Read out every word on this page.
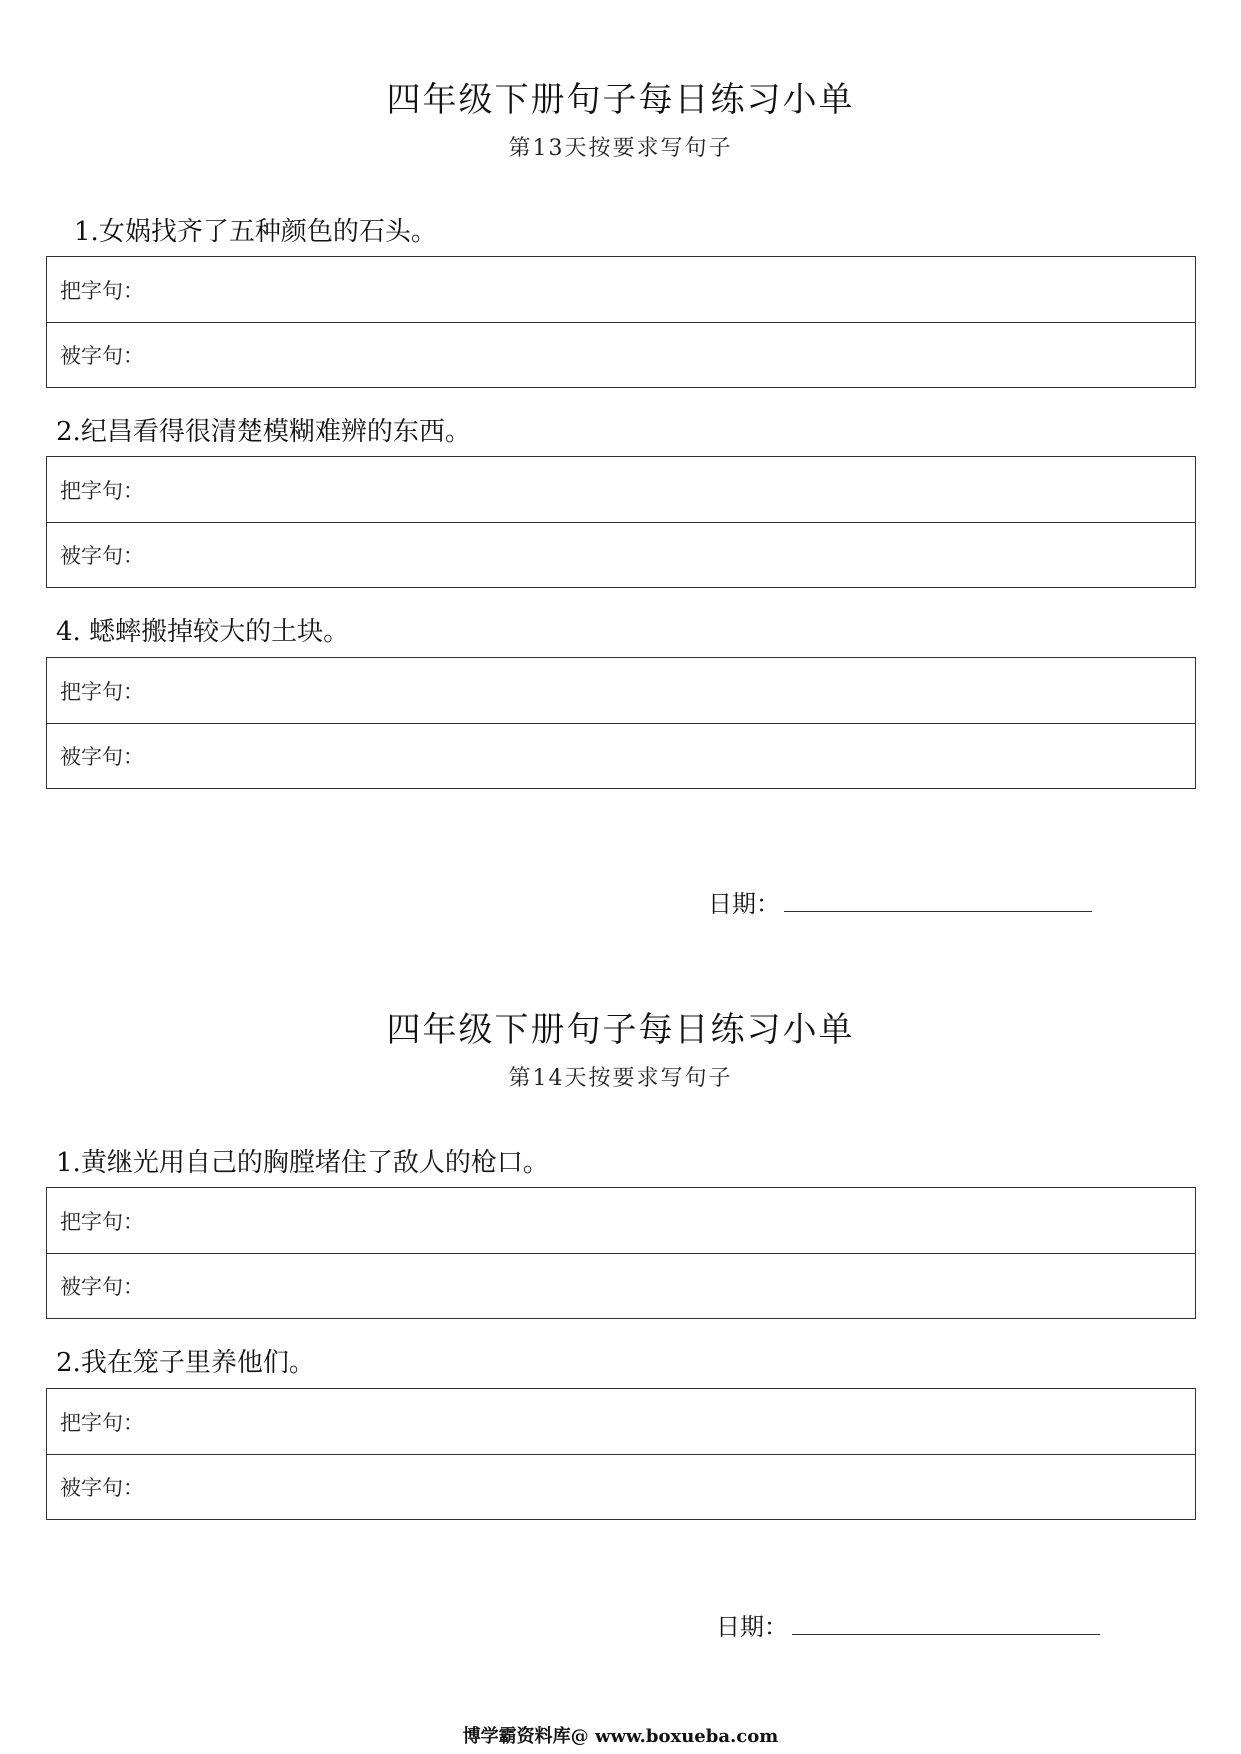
四年级下册句子每日练习小单
第13天按要求写句子
1.女娲找齐了五种颜色的石头。
把字句：
被字句：
2.纪昌看得很清楚模糊难辨的东西。
把字句：
被字句：
4. 蟋蟀搬掉较大的土块。
把字句：
被字句：
日期：
四年级下册句子每日练习小单
第14天按要求写句子
1.黄继光用自己的胸膛堵住了敌人的枪口。
把字句：
被字句：
2.我在笼子里养他们。
把字句：
被字句：
日期：
博学霸资料库@ www.boxueba.com
